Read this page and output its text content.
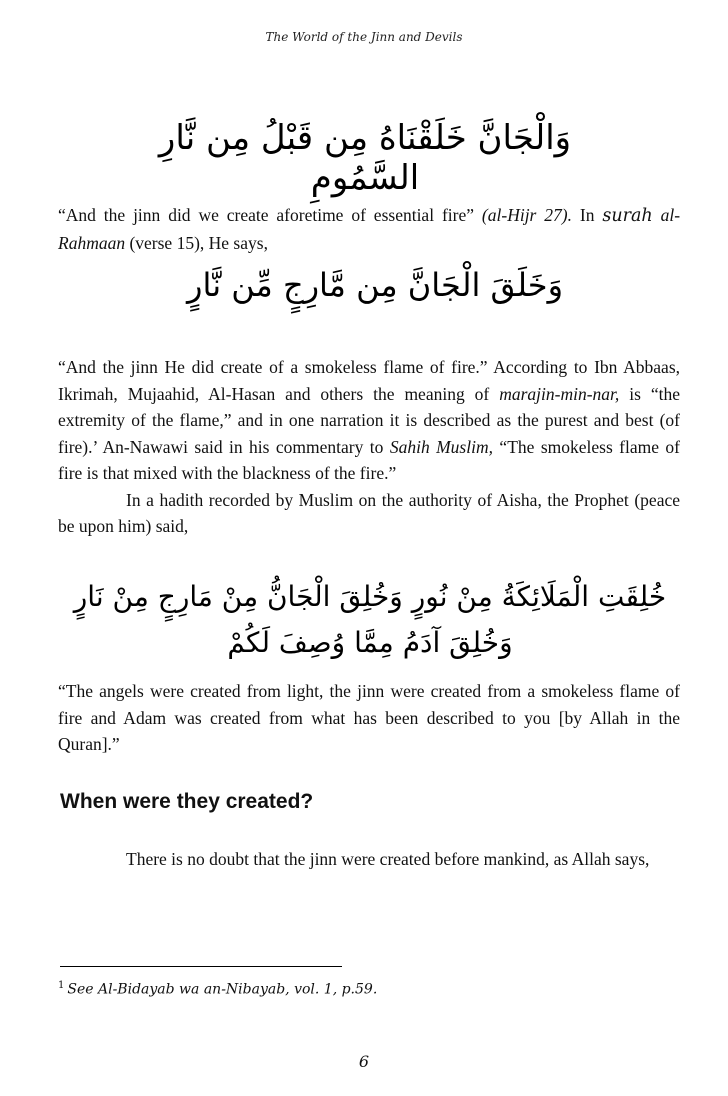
The World of the Jinn and Devils
وَالْجَانَّ خَلَقْنَاهُ مِن قَبْلُ مِن نَّارِ السَّمُومِ

“And the jinn did we create aforetime of essential fire” (al-Hijr 27). In surah al-Rahmaan (verse 15), He says,

وَخَلَقَ الْجَانَّ مِن مَّارِجٍ مِّن نَّارٍ

“And the jinn He did create of a smokeless flame of fire.” According to Ibn Abbaas, Ikrimah, Mujaahid, Al-Hasan and others the meaning of marajin-min-nar, is “the extremity of the flame,” and in one narration it is described as the purest and best (of fire).’ An-Nawawi said in his commentary to Sahih Muslim, “The smokeless flame of fire is that mixed with the blackness of the fire.”
In a hadith recorded by Muslim on the authority of Aisha, the Prophet (peace be upon him) said,

خُلِقَتِ الْمَلَائِكَةُ مِنْ نُورٍ وَخُلِقَ الْجَانُّ مِنْ مَارِجٍ مِنْ نَارٍ وَخُلِقَ آدَمُ مِمَّا وُصِفَ لَكُمْ

“The angels were created from light, the jinn were created from a smokeless flame of fire and Adam was created from what has been described to you [by Allah in the Quran].”

When were they created?

There is no doubt that the jinn were created before mankind, as Allah says,

$^1$ See Al-Bidayab wa an-Nibayab, vol. 1, p.59.

6
